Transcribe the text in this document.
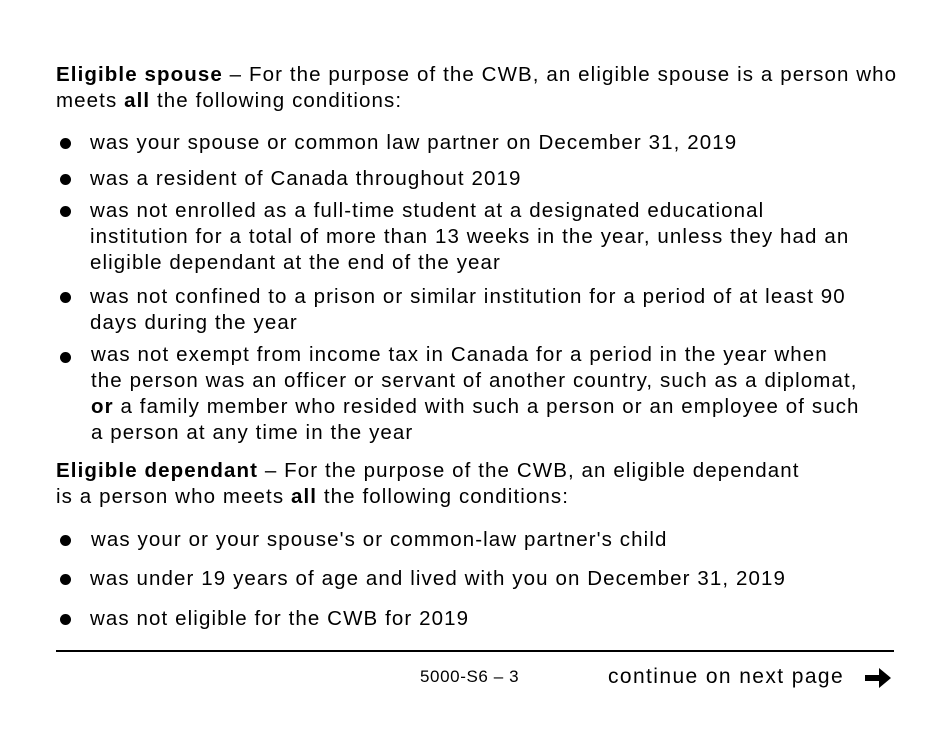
Eligible spouse – For the purpose of the CWB, an eligible spouse is a person who meets all the following conditions:

was your spouse or common law partner on December 31, 2019
was a resident of Canada throughout 2019
was not enrolled as a full-time student at a designated educational institution for a total of more than 13 weeks in the year, unless they had an eligible dependant at the end of the year
was not confined to a prison or similar institution for a period of at least 90 days during the year
was not exempt from income tax in Canada for a period in the year when the person was an officer or servant of another country, such as a diplomat, or a family member who resided with such a person or an employee of such a person at any time in the year

Eligible dependant – For the purpose of the CWB, an eligible dependant is a person who meets all the following conditions:

was your or your spouse's or common-law partner's child
was under 19 years of age and lived with you on December 31, 2019
was not eligible for the CWB for 2019
5000-S6 – 3	continue on next page
